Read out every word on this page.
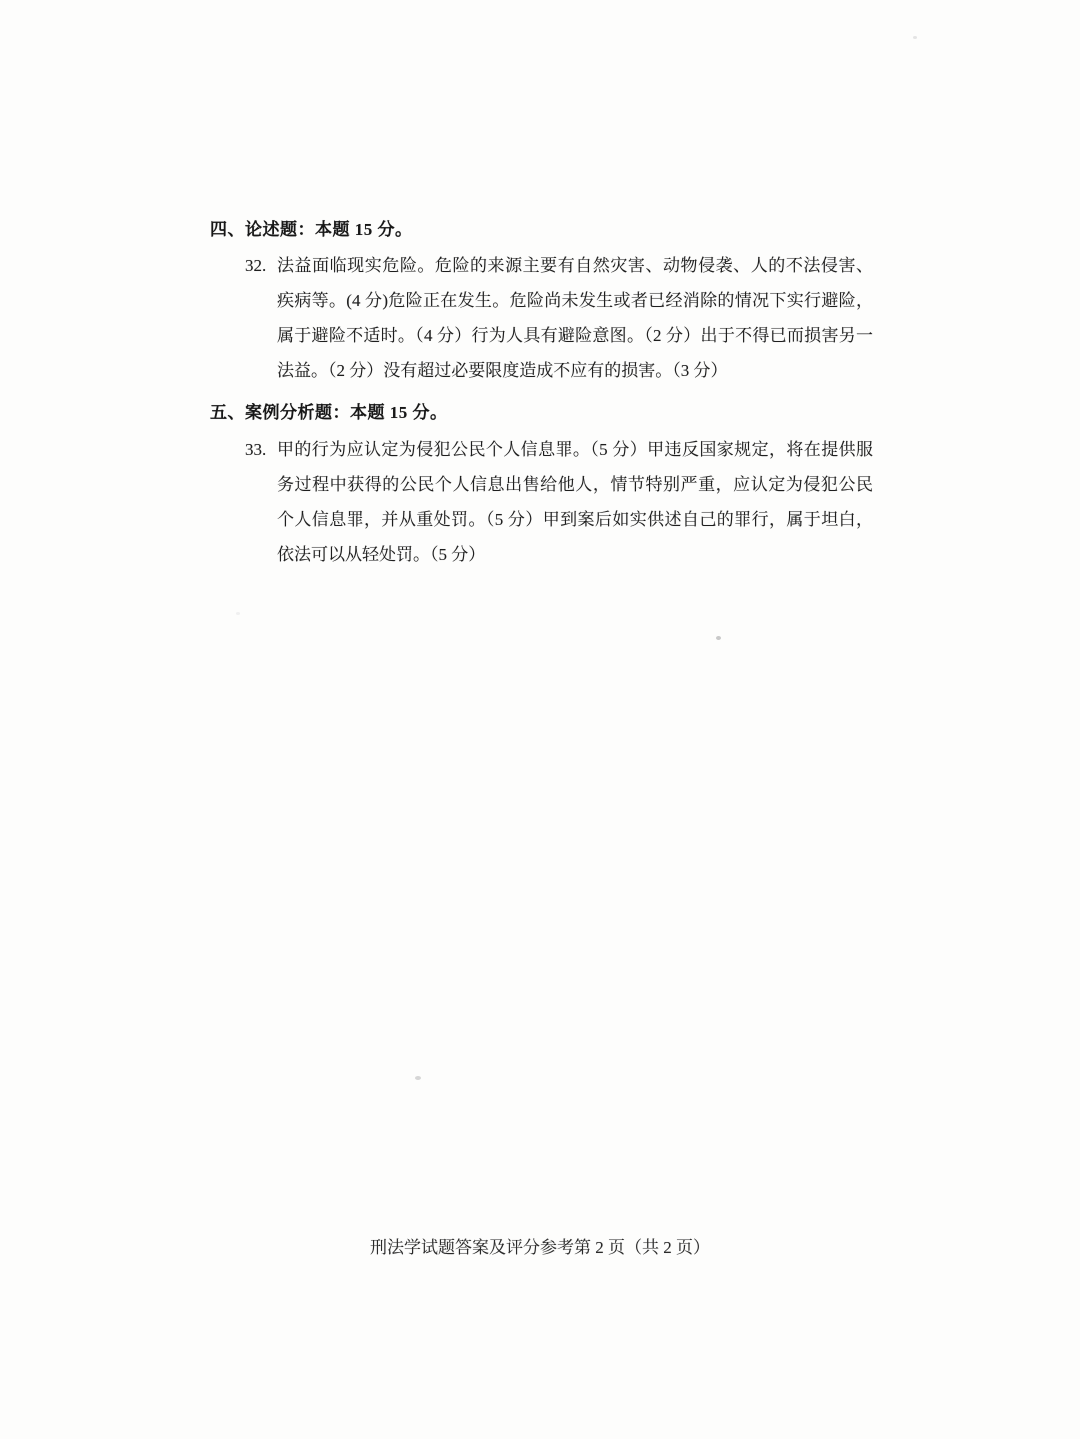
四、论述题：本题 15 分。
32. 法益面临现实危险。危险的来源主要有自然灾害、动物侵袭、人的不法侵害、
疾病等。(4 分)危险正在发生。危险尚未发生或者已经消除的情况下实行避险，
属于避险不适时。（4 分）行为人具有避险意图。（2 分）出于不得已而损害另一
法益。（2 分）没有超过必要限度造成不应有的损害。（3 分）
五、案例分析题：本题 15 分。
33. 甲的行为应认定为侵犯公民个人信息罪。（5 分）甲违反国家规定，将在提供服
务过程中获得的公民个人信息出售给他人，情节特别严重，应认定为侵犯公民
个人信息罪，并从重处罚。（5 分）甲到案后如实供述自己的罪行，属于坦白，
依法可以从轻处罚。（5 分）
刑法学试题答案及评分参考第 2 页（共 2 页）
